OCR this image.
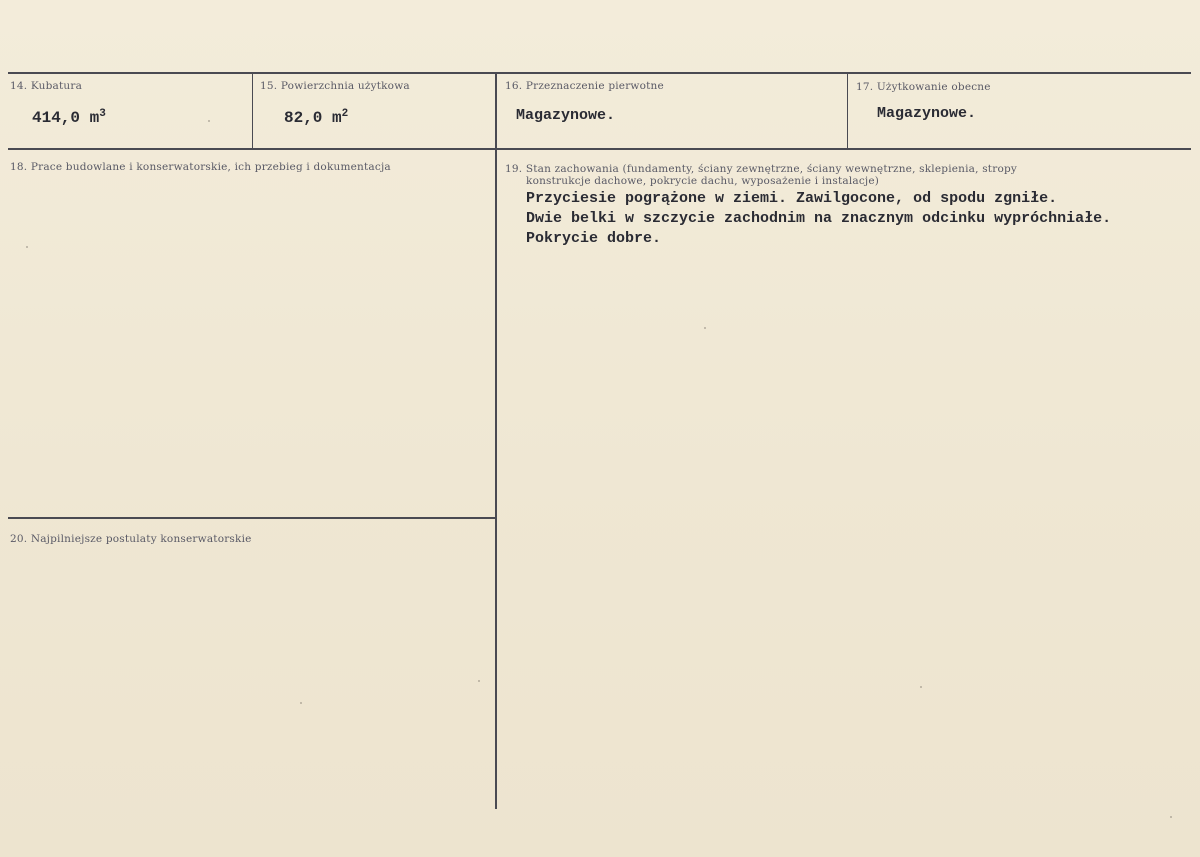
14. Kubatura
414,0 $m^3$
15. Powierzchnia użytkowa
82,0 $m^2$
16. Przeznaczenie pierwotne
Magazynowe.
17. Użytkowanie obecne
Magazynowe.
18. Prace budowlane i konserwatorskie, ich przebieg i dokumentacja	19. Stan zachowania (fundamenty, ściany zewnętrzne, ściany wewnętrzne, sklepienia, stropy
konstrukcje dachowe, pokrycie dachu, wyposażenie i instalacje)
Przyciesie pogrążone w ziemi. Zawilgocone, od spodu zgniłe.
Dwie belki w szczycie zachodnim na znacznym odcinku wypróchniałe.
Pokrycie dobre.
20. Najpilniejsze postulaty konserwatorskie
